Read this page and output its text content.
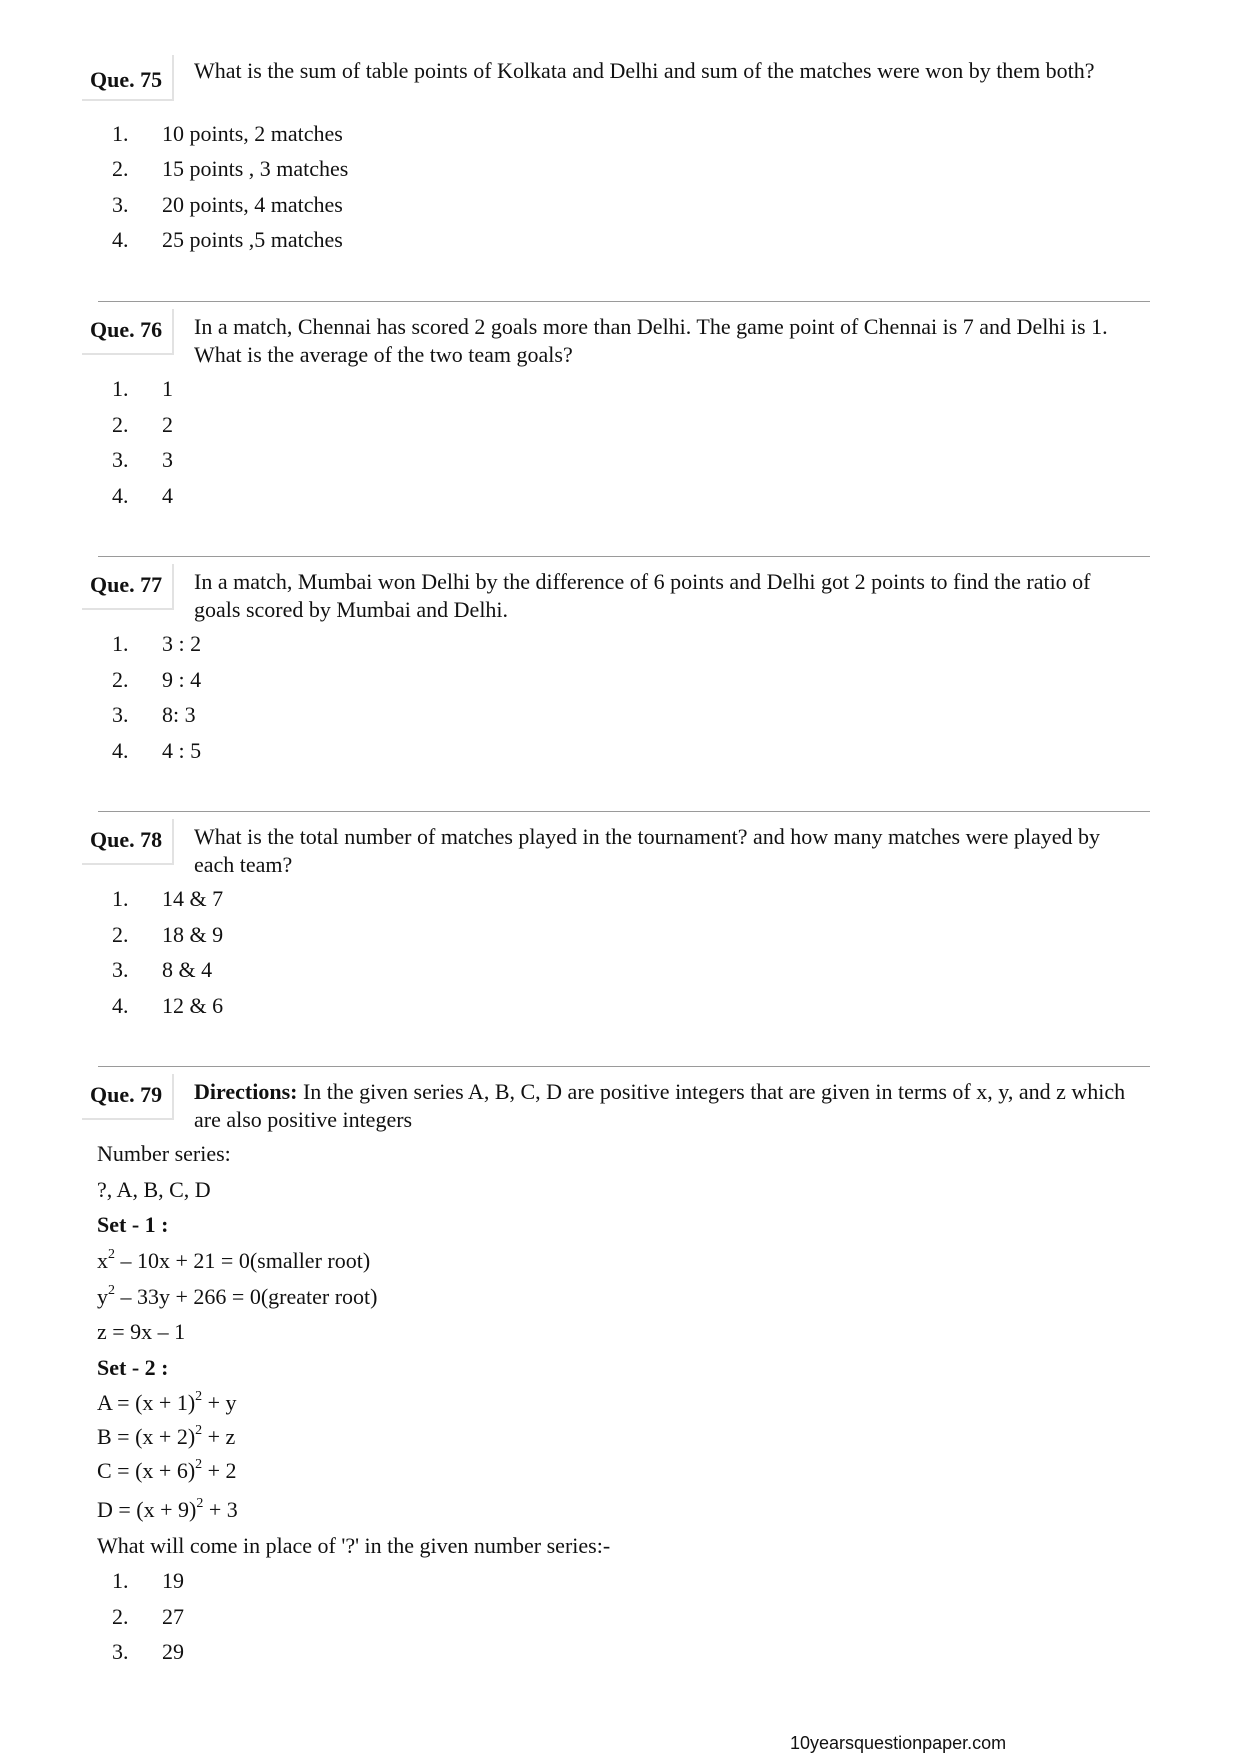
Que. 75 What is the sum of table points of Kolkata and Delhi and sum of the matches were won by them both?
1. 10 points, 2 matches
2. 15 points , 3 matches
3. 20 points, 4 matches
4. 25 points ,5 matches
Que. 76 In a match, Chennai has scored 2 goals more than Delhi. The game point of Chennai is 7 and Delhi is 1. What is the average of the two team goals?
1. 1
2. 2
3. 3
4. 4
Que. 77 In a match, Mumbai won Delhi by the difference of 6 points and Delhi got 2 points to find the ratio of goals scored by Mumbai and Delhi.
1. 3 : 2
2. 9 : 4
3. 8: 3
4. 4 : 5
Que. 78 What is the total number of matches played in the tournament? and how many matches were played by each team?
1. 14 & 7
2. 18 & 9
3. 8 & 4
4. 12 & 6
Que. 79 Directions: In the given series A, B, C, D are positive integers that are given in terms of x, y, and z which are also positive integers
Number series:
?, A, B, C, D
Set - 1 :
$x^2 - 10x + 21$ = 0(smaller root)
$y^2 - 33y + 266$ = 0(greater root)
z = 9x – 1
Set - 2 :
$A = (x + 1)^2 + y$
$B = (x + 2)^2 + z$
$C = (x + 6)^2 + 2$
$D = (x + 9)^2 + 3$
What will come in place of '?' in the given number series:-
1. 19
2. 27
3. 29
10yearsquestionpaper.com
